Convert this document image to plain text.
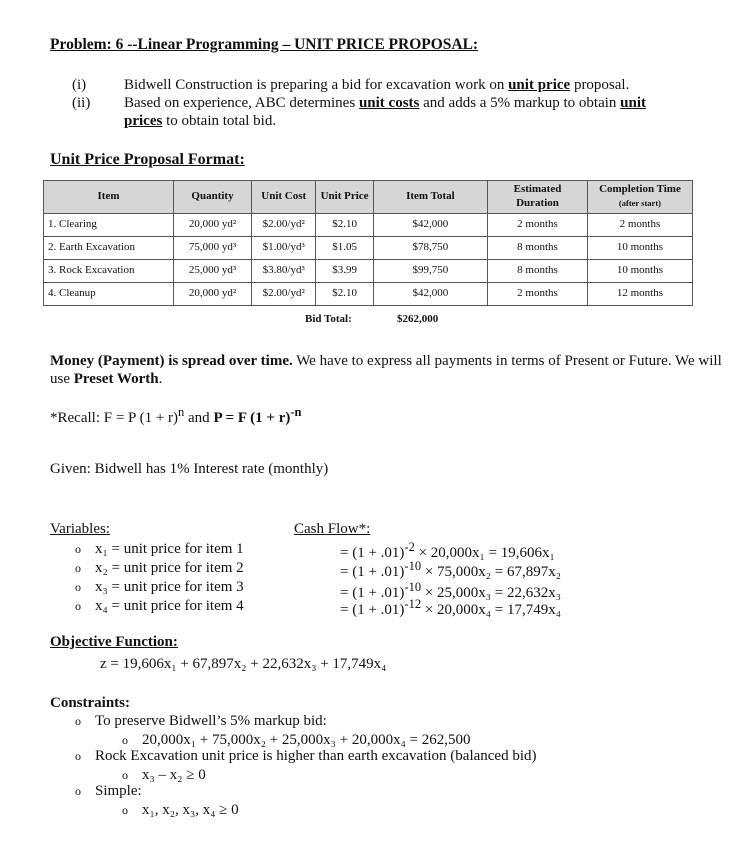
Problem: 6 --Linear Programming – UNIT PRICE PROPOSAL:
(i)	Bidwell Construction is preparing a bid for excavation work on unit price proposal.
(ii) Based on experience, ABC determines unit costs and adds a 5% markup to obtain unit
prices to obtain total bid.
Unit Price Proposal Format:
Item	Quantity	Unit Cost	Unit Price	Item Total	Estimated Duration	Completion Time (after start)
1. Clearing	20,000 yd²	$2.00/yd²	$2.10	$42,000	2 months	2 months
2. Earth Excavation	75,000 yd³	$1.00/yd³	$1.05	$78,750	8 months	10 months
3. Rock Excavation	25,000 yd³	$3.80/yd³	$3.99	$99,750	8 months	10 months
4. Cleanup	20,000 yd²	$2.00/yd²	$2.10	$42,000	2 months	12 months
Bid Total:	$262,000
Money (Payment) is spread over time. We have to express all payments in terms of Present or Future. We will use Preset Worth.
*Recall: F = P $(1 + r)^n$ and P = F $(1 + r)^{-n}$
Given: Bidwell has 1% Interest rate (monthly)
Variables:
o x₁ = unit price for item 1
o x₂ = unit price for item 2
o x₃ = unit price for item 3
o x₄ = unit price for item 4
Cash Flow*:
= $(1 + .01)^{-2} \times 20,000x_1 = 19,606x_1$
= $(1 + .01)^{-10} \times 75,000x_2 = 67,897x_2$
= $(1 + .01)^{-10} \times 25,000x_3 = 22,632x_3$
= $(1 + .01)^{-12} \times 20,000x_4 = 17,749x_4$
Objective Function:
z = 19,606x₁ + 67,897x₂ + 22,632x₃ + 17,749x₄
Constraints:
o To preserve Bidwell’s 5% markup bid:
o 20,000x₁ + 75,000x₂ + 25,000x₃ + 20,000x₄ = 262,500
o Rock Excavation unit price is higher than earth excavation (balanced bid)
o x₃ – x₂ ≥ 0
o Simple:
o x₁, x₂, x₃, x₄ ≥ 0
